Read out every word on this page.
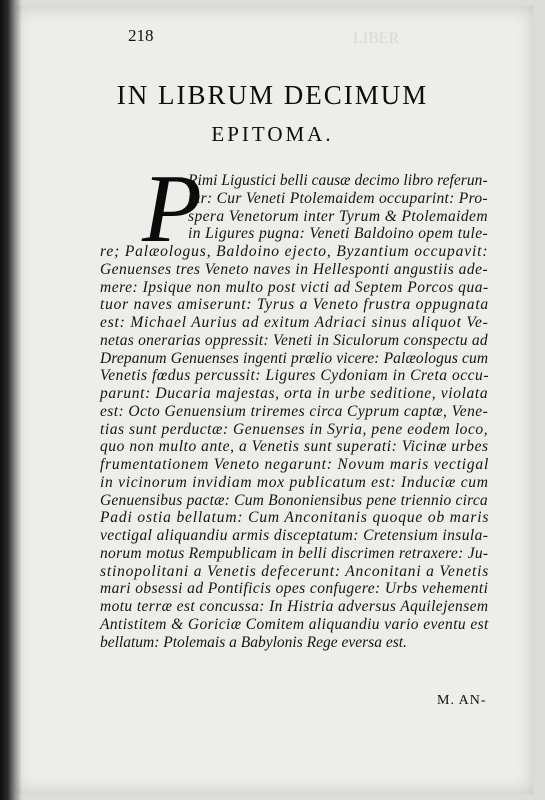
LIBER
218
IN LIBRUM DECIMUM
EPITOMA.
P
Rimi Ligustici belli causæ decimo libro referun-
tur: Cur Veneti Ptolemaidem occuparint: Pro-
spera Venetorum inter Tyrum & Ptolemaidem
in Ligures pugna: Veneti Baldoino opem tule-
re; Palæologus, Baldoino ejecto, Byzantium occupavit:
Genuenses tres Veneto naves in Hellesponti angustiis ade-
mere: Ipsique non multo post victi ad Septem Porcos qua-
tuor naves amiserunt: Tyrus a Veneto frustra oppugnata
est: Michael Aurius ad exitum Adriaci sinus aliquot Ve-
netas onerarias oppressit: Veneti in Siculorum conspectu ad
Drepanum Genuenses ingenti prælio vicere: Palæologus cum
Venetis fœdus percussit: Ligures Cydoniam in Creta occu-
parunt: Ducaria majestas, orta in urbe seditione, violata
est: Octo Genuensium triremes circa Cyprum captæ, Vene-
tias sunt perductæ: Genuenses in Syria, pene eodem loco,
quo non multo ante, a Venetis sunt superati: Vicinæ urbes
frumentationem Veneto negarunt: Novum maris vectigal
in vicinorum invidiam mox publicatum est: Induciæ cum
Genuensibus pactæ: Cum Bononiensibus pene triennio circa
Padi ostia bellatum: Cum Anconitanis quoque ob maris
vectigal aliquandiu armis disceptatum: Cretensium insula-
norum motus Rempublicam in belli discrimen retraxere: Ju-
stinopolitani a Venetis defecerunt: Anconitani a Venetis
mari obsessi ad Pontificis opes confugere: Urbs vehementi
motu terræ est concussa: In Histria adversus Aquilejensem
Antistitem & Goriciæ Comitem aliquandiu vario eventu est
bellatum: Ptolemais a Babylonis Rege eversa est.
M. AN-
